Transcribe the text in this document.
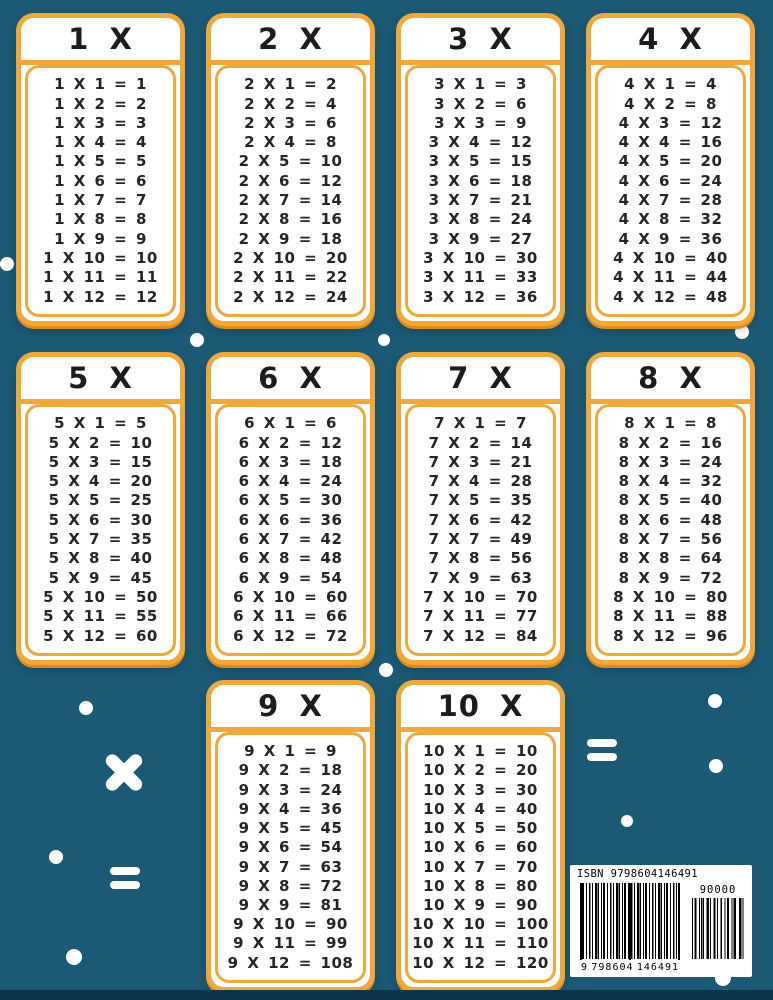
1 X
1 X 1 = 1
1 X 2 = 2
1 X 3 = 3
1 X 4 = 4
1 X 5 = 5
1 X 6 = 6
1 X 7 = 7
1 X 8 = 8
1 X 9 = 9
1 X 10 = 10
1 X 11 = 11
1 X 12 = 12
2 X
2 X 1 = 2
2 X 2 = 4
2 X 3 = 6
2 X 4 = 8
2 X 5 = 10
2 X 6 = 12
2 X 7 = 14
2 X 8 = 16
2 X 9 = 18
2 X 10 = 20
2 X 11 = 22
2 X 12 = 24
3 X
3 X 1 = 3
3 X 2 = 6
3 X 3 = 9
3 X 4 = 12
3 X 5 = 15
3 X 6 = 18
3 X 7 = 21
3 X 8 = 24
3 X 9 = 27
3 X 10 = 30
3 X 11 = 33
3 X 12 = 36
4 X
4 X 1 = 4
4 X 2 = 8
4 X 3 = 12
4 X 4 = 16
4 X 5 = 20
4 X 6 = 24
4 X 7 = 28
4 X 8 = 32
4 X 9 = 36
4 X 10 = 40
4 X 11 = 44
4 X 12 = 48
5 X
5 X 1 = 5
5 X 2 = 10
5 X 3 = 15
5 X 4 = 20
5 X 5 = 25
5 X 6 = 30
5 X 7 = 35
5 X 8 = 40
5 X 9 = 45
5 X 10 = 50
5 X 11 = 55
5 X 12 = 60
6 X
6 X 1 = 6
6 X 2 = 12
6 X 3 = 18
6 X 4 = 24
6 X 5 = 30
6 X 6 = 36
6 X 7 = 42
6 X 8 = 48
6 X 9 = 54
6 X 10 = 60
6 X 11 = 66
6 X 12 = 72
7 X
7 X 1 = 7
7 X 2 = 14
7 X 3 = 21
7 X 4 = 28
7 X 5 = 35
7 X 6 = 42
7 X 7 = 49
7 X 8 = 56
7 X 9 = 63
7 X 10 = 70
7 X 11 = 77
7 X 12 = 84
8 X
8 X 1 = 8
8 X 2 = 16
8 X 3 = 24
8 X 4 = 32
8 X 5 = 40
8 X 6 = 48
8 X 7 = 56
8 X 8 = 64
8 X 9 = 72
8 X 10 = 80
8 X 11 = 88
8 X 12 = 96
9 X
9 X 1 = 9
9 X 2 = 18
9 X 3 = 24
9 X 4 = 36
9 X 5 = 45
9 X 6 = 54
9 X 7 = 63
9 X 8 = 72
9 X 9 = 81
9 X 10 = 90
9 X 11 = 99
9 X 12 = 108
10 X
10 X 1 = 10
10 X 2 = 20
10 X 3 = 30
10 X 4 = 40
10 X 5 = 50
10 X 6 = 60
10 X 7 = 70
10 X 8 = 80
10 X 9 = 90
10 X 10 = 100
10 X 11 = 110
10 X 12 = 120
ISBN 9798604146491
9 798604 146491
90000
